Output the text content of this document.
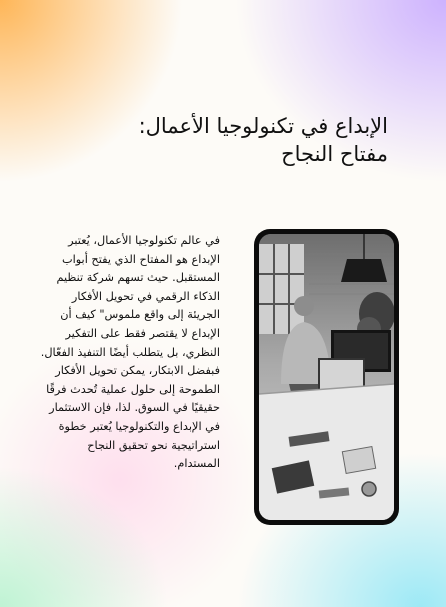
الإبداع في تكنولوجيا الأعمال:
مفتاح النجاح
في عالم تكنولوجيا الأعمال، يُعتبر الإبداع هو المفتاح الذي يفتح أبواب المستقبل. حيث تسهم شركة تنظيم الذكاء الرقمي في تحويل الأفكار الجريئة إلى واقع ملموس" كيف أن الإبداع لا يقتصر فقط على التفكير النظري، بل يتطلب أيضًا التنفيذ الفعّال. فبفضل الابتكار، يمكن تحويل الأفكار الطموحة إلى حلول عملية تُحدث فرقًا حقيقيًا في السوق. لذا، فإن الاستثمار في الإبداع والتكنولوجيا يُعتبر خطوة استراتيجية نحو تحقيق النجاح المستدام.
